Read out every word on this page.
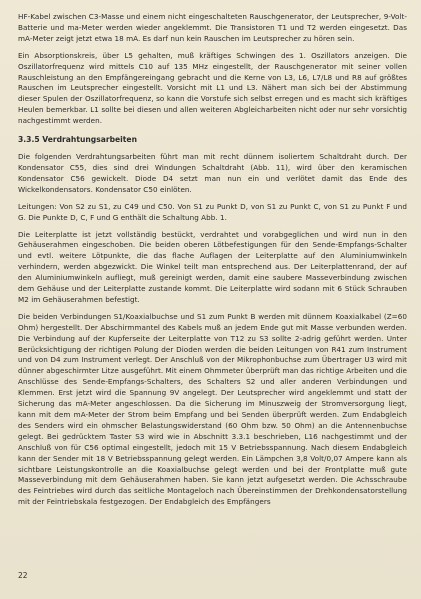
HF-Kabel zwischen C3-Masse und einem nicht eingeschalteten Rauschgenerator, der Leutsprecher, 9-Volt-Batterie und ma-Meter werden wieder angeklemmt. Die Transistoren T1 und T2 werden eingesetzt. Das mA-Meter zeigt jetzt etwa 18 mA. Es darf nun kein Rauschen im Leutsprecher zu hören sein.

Ein Absorptionskreis, über L5 gehalten, muß kräftiges Schwingen des 1. Oszillators anzeigen. Die Oszillatorfrequenz wird mittels C10 auf 135 MHz eingestellt, der Rauschgenerator mit seiner vollen Rauschleistung an den Empfängereingang gebracht und die Kerne von L3, L6, L7/L8 und R8 auf größtes Rauschen im Leutsprecher eingestellt. Vorsicht mit L1 und L3. Nähert man sich bei der Abstimmung dieser Spulen der Oszillatorfrequenz, so kann die Vorstufe sich selbst erregen und es macht sich kräftiges Heulen bemerkbar. L1 sollte bei diesen und allen weiteren Abgleicharbeiten nicht oder nur sehr vorsichtig nachgestimmt werden.

3.3.5 Verdrahtungsarbeiten

Die folgenden Verdrahtungsarbeiten führt man mit recht dünnem isoliertem Schaltdraht durch. Der Kondensator C55, dies sind drei Windungen Schaltdraht (Abb. 11), wird über den keramischen Kondensator C56 gewickelt. Diode D4 setzt man nun ein und verlötet damit das Ende des Wickelkondensators. Kondensator C50 einlöten.

Leitungen: Von S2 zu S1, zu C49 und C50. Von S1 zu Punkt D, von S1 zu Punkt C, von S1 zu Punkt F und G. Die Punkte D, C, F und G enthält die Schaltung Abb. 1.

Die Leiterplatte ist jetzt vollständig bestückt, verdrahtet und vorabgeglichen und wird nun in den Gehäuserahmen eingeschoben. Die beiden oberen Lötbefestigungen für den Sende-Empfangs-Schalter und evtl. weitere Lötpunkte, die das flache Auflagen der Leiterplatte auf den Aluminiumwinkeln verhindern, werden abgezwickt. Die Winkel teilt man entsprechend aus. Der Leiterplattenrand, der auf den Aluminiumwinkeln aufliegt, muß gereinigt werden, damit eine saubere Masseverbindung zwischen dem Gehäuse und der Leiterplatte zustande kommt. Die Leiterplatte wird sodann mit 6 Stück Schrauben M2 im Gehäuserahmen befestigt.

Die beiden Verbindungen S1/Koaxialbuchse und S1 zum Punkt B werden mit dünnem Koaxialkabel (Z=60 Ohm) hergestellt. Der Abschirmmantel des Kabels muß an jedem Ende gut mit Masse verbunden werden. Die Verbindung auf der Kupferseite der Leiterplatte von T12 zu S3 sollte 2-adrig geführt werden. Unter Berücksichtigung der richtigen Polung der Dioden werden die beiden Leitungen von R41 zum Instrument und von D4 zum Instrument verlegt. Der Anschluß von der Mikrophonbuchse zum Übertrager U3 wird mit dünner abgeschirmter Litze ausgeführt. Mit einem Ohmmeter überprüft man das richtige Arbeiten und die Anschlüsse des Sende-Empfangs-Schalters, des Schalters S2 und aller anderen Verbindungen und Klemmen. Erst jetzt wird die Spannung 9V angelegt. Der Leutsprecher wird angeklemmt und statt der Sicherung das mA-Meter angeschlossen. Da die Sicherung im Minuszweig der Stromversorgung liegt, kann mit dem mA-Meter der Strom beim Empfang und bei Senden überprüft werden. Zum Endabgleich des Senders wird ein ohmscher Belastungswiderstand (60 Ohm bzw. 50 Ohm) an die Antennenbuchse gelegt. Bei gedrücktem Taster S3 wird wie in Abschnitt 3.3.1 beschrieben, L16 nachgestimmt und der Anschluß von für C56 optimal eingestellt, jedoch mit 15 V Betriebsspannung. Nach diesem Endabgleich kann der Sender mit 18 V Betriebsspannung gelegt werden. Ein Lämpchen 3,8 Volt/0,07 Ampere kann als sichtbare Leistungskontrolle an die Koaxialbuchse gelegt werden und bei der Frontplatte muß gute Masseverbindung mit dem Gehäuserahmen haben. Sie kann jetzt aufgesetzt werden. Die Achsschraube des Feintriebes wird durch das seitliche Montageloch nach Übereinstimmen der Drehkondensatorstellung mit der Feintriebskala festgezogen. Der Endabgleich des Empfängers

22
